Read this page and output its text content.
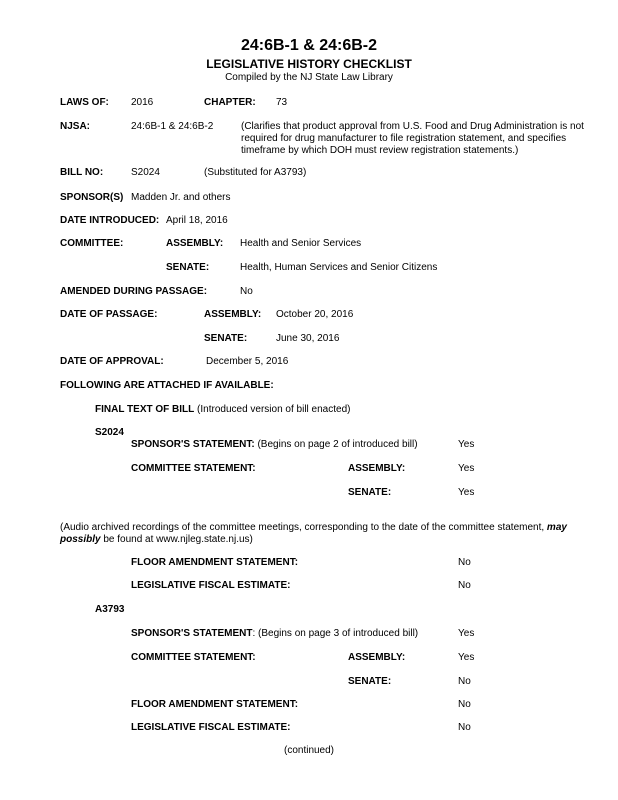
24:6B-1 & 24:6B-2
LEGISLATIVE HISTORY CHECKLIST
Compiled by the NJ State Law Library
LAWS OF: 2016	CHAPTER: 73
NJSA:	24:6B-1 & 24:6B-2	(Clarifies that product approval from U.S. Food and Drug Administration is not required for drug manufacturer to file registration statement, and specifies timeframe by which DOH must review registration statements.)
BILL NO:	S2024	(Substituted for A3793)
SPONSOR(S) Madden Jr. and others
DATE INTRODUCED: April 18, 2016
COMMITTEE:	ASSEMBLY: Health and Senior Services
SENATE:	Health, Human Services and Senior Citizens
AMENDED DURING PASSAGE:	No
DATE OF PASSAGE:	ASSEMBLY: October 20, 2016
SENATE:	June 30, 2016
DATE OF APPROVAL:	December 5, 2016
FOLLOWING ARE ATTACHED IF AVAILABLE:
FINAL TEXT OF BILL (Introduced version of bill enacted)
S2024
SPONSOR'S STATEMENT: (Begins on page 2 of introduced bill)	Yes
COMMITTEE STATEMENT:	ASSEMBLY:	Yes
SENATE:	Yes
(Audio archived recordings of the committee meetings, corresponding to the date of the committee statement, may possibly be found at www.njleg.state.nj.us)
FLOOR AMENDMENT STATEMENT:	No
LEGISLATIVE FISCAL ESTIMATE:	No
A3793
SPONSOR'S STATEMENT: (Begins on page 3 of introduced bill)	Yes
COMMITTEE STATEMENT:	ASSEMBLY:	Yes
SENATE:	No
FLOOR AMENDMENT STATEMENT:	No
LEGISLATIVE FISCAL ESTIMATE:	No
(continued)
